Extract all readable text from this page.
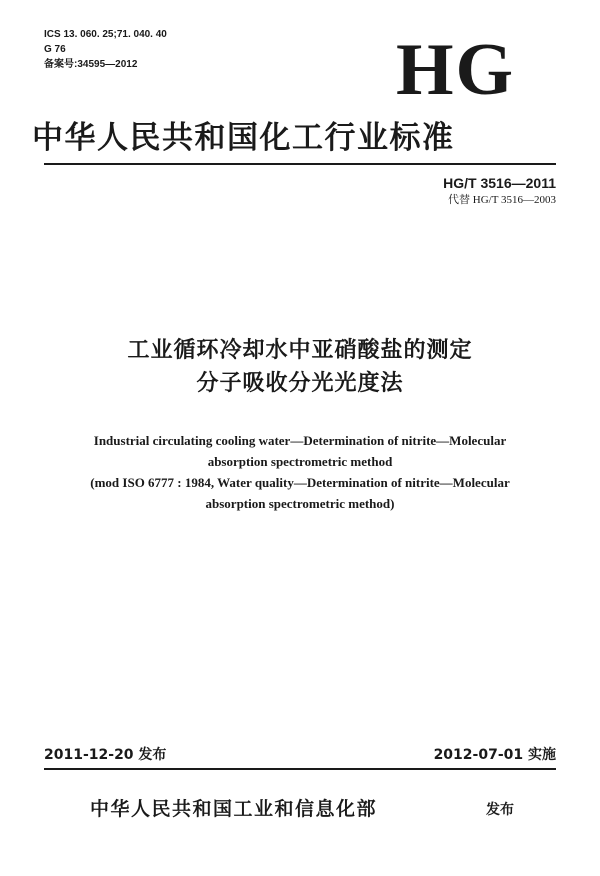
ICS 13. 060. 25;71. 040. 40
G 76
备案号:34595—2012	HG
中华人民共和国化工行业标准
HG/T 3516—2011
代替 HG/T 3516—2003
工业循环冷却水中亚硝酸盐的测定
分子吸收分光光度法
Industrial circulating cooling water—Determination of nitrite—Molecular
absorption spectrometric method
(mod ISO 6777 : 1984, Water quality—Determination of nitrite—Molecular
absorption spectrometric method)
2011-12-20 发布	2012-07-01 实施
中华人民共和国工业和信息化部	发布
